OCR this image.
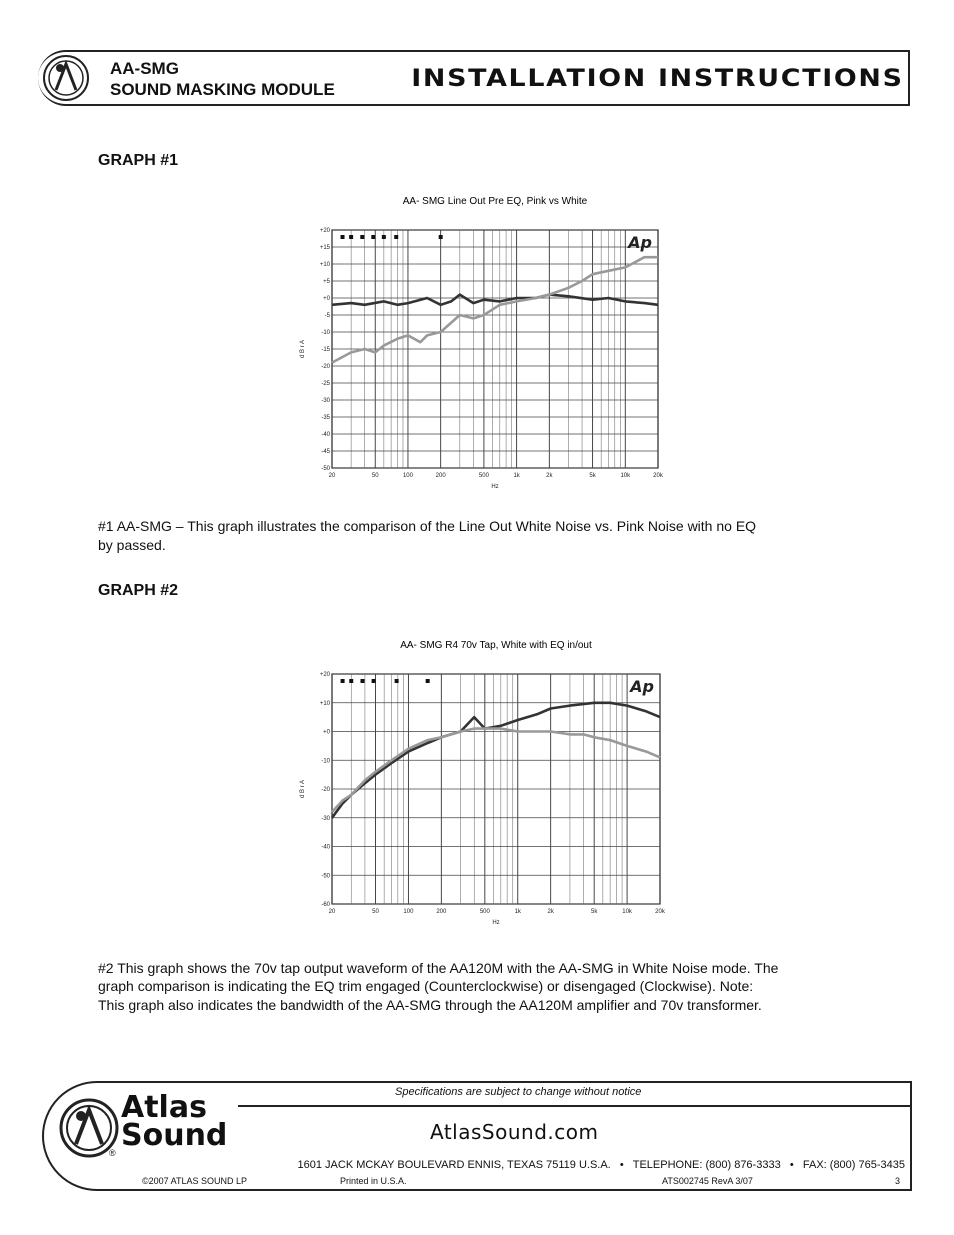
AA-SMG
SOUND MASKING MODULE	INSTALLATION INSTRUCTIONS
GRAPH #1
AA- SMG Line Out Pre EQ, Pink vs White
+20
+15
+10
+5
+0
-5
-10
-15
-20
-25
-30
-35
-40
-45
-50
20	50	100	200	500	1k	2k	5k	10k	20k
Hz
d B r A
Ap
#1 AA-SMG – This graph illustrates the comparison of the Line Out White Noise vs. Pink Noise with no EQ
by passed.
GRAPH #2
AA- SMG R4 70v Tap, White with EQ in/out
+20
+10
+0
-10
-20
-30
-40
-50
-60
20	50	100	200	500	1k	2k	5k	10k	20k
Hz
d B r A
Ap
#2 This graph shows the 70v tap output waveform of the AA120M with the AA-SMG in White Noise mode. The
graph comparison is indicating the EQ trim engaged (Counterclockwise) or disengaged (Clockwise). Note:
This graph also indicates the bandwidth of the AA-SMG through the AA120M amplifier and 70v transformer.
Specifications are subject to change without notice
Atlas
Sound
®
AtlasSound.com
1601 JACK MCKAY BOULEVARD ENNIS, TEXAS 75119 U.S.A.   •   TELEPHONE: (800) 876-3333   •   FAX: (800) 765-3435
©2007 ATLAS SOUND LP	Printed in U.S.A.	ATS002745 RevA 3/07	3
